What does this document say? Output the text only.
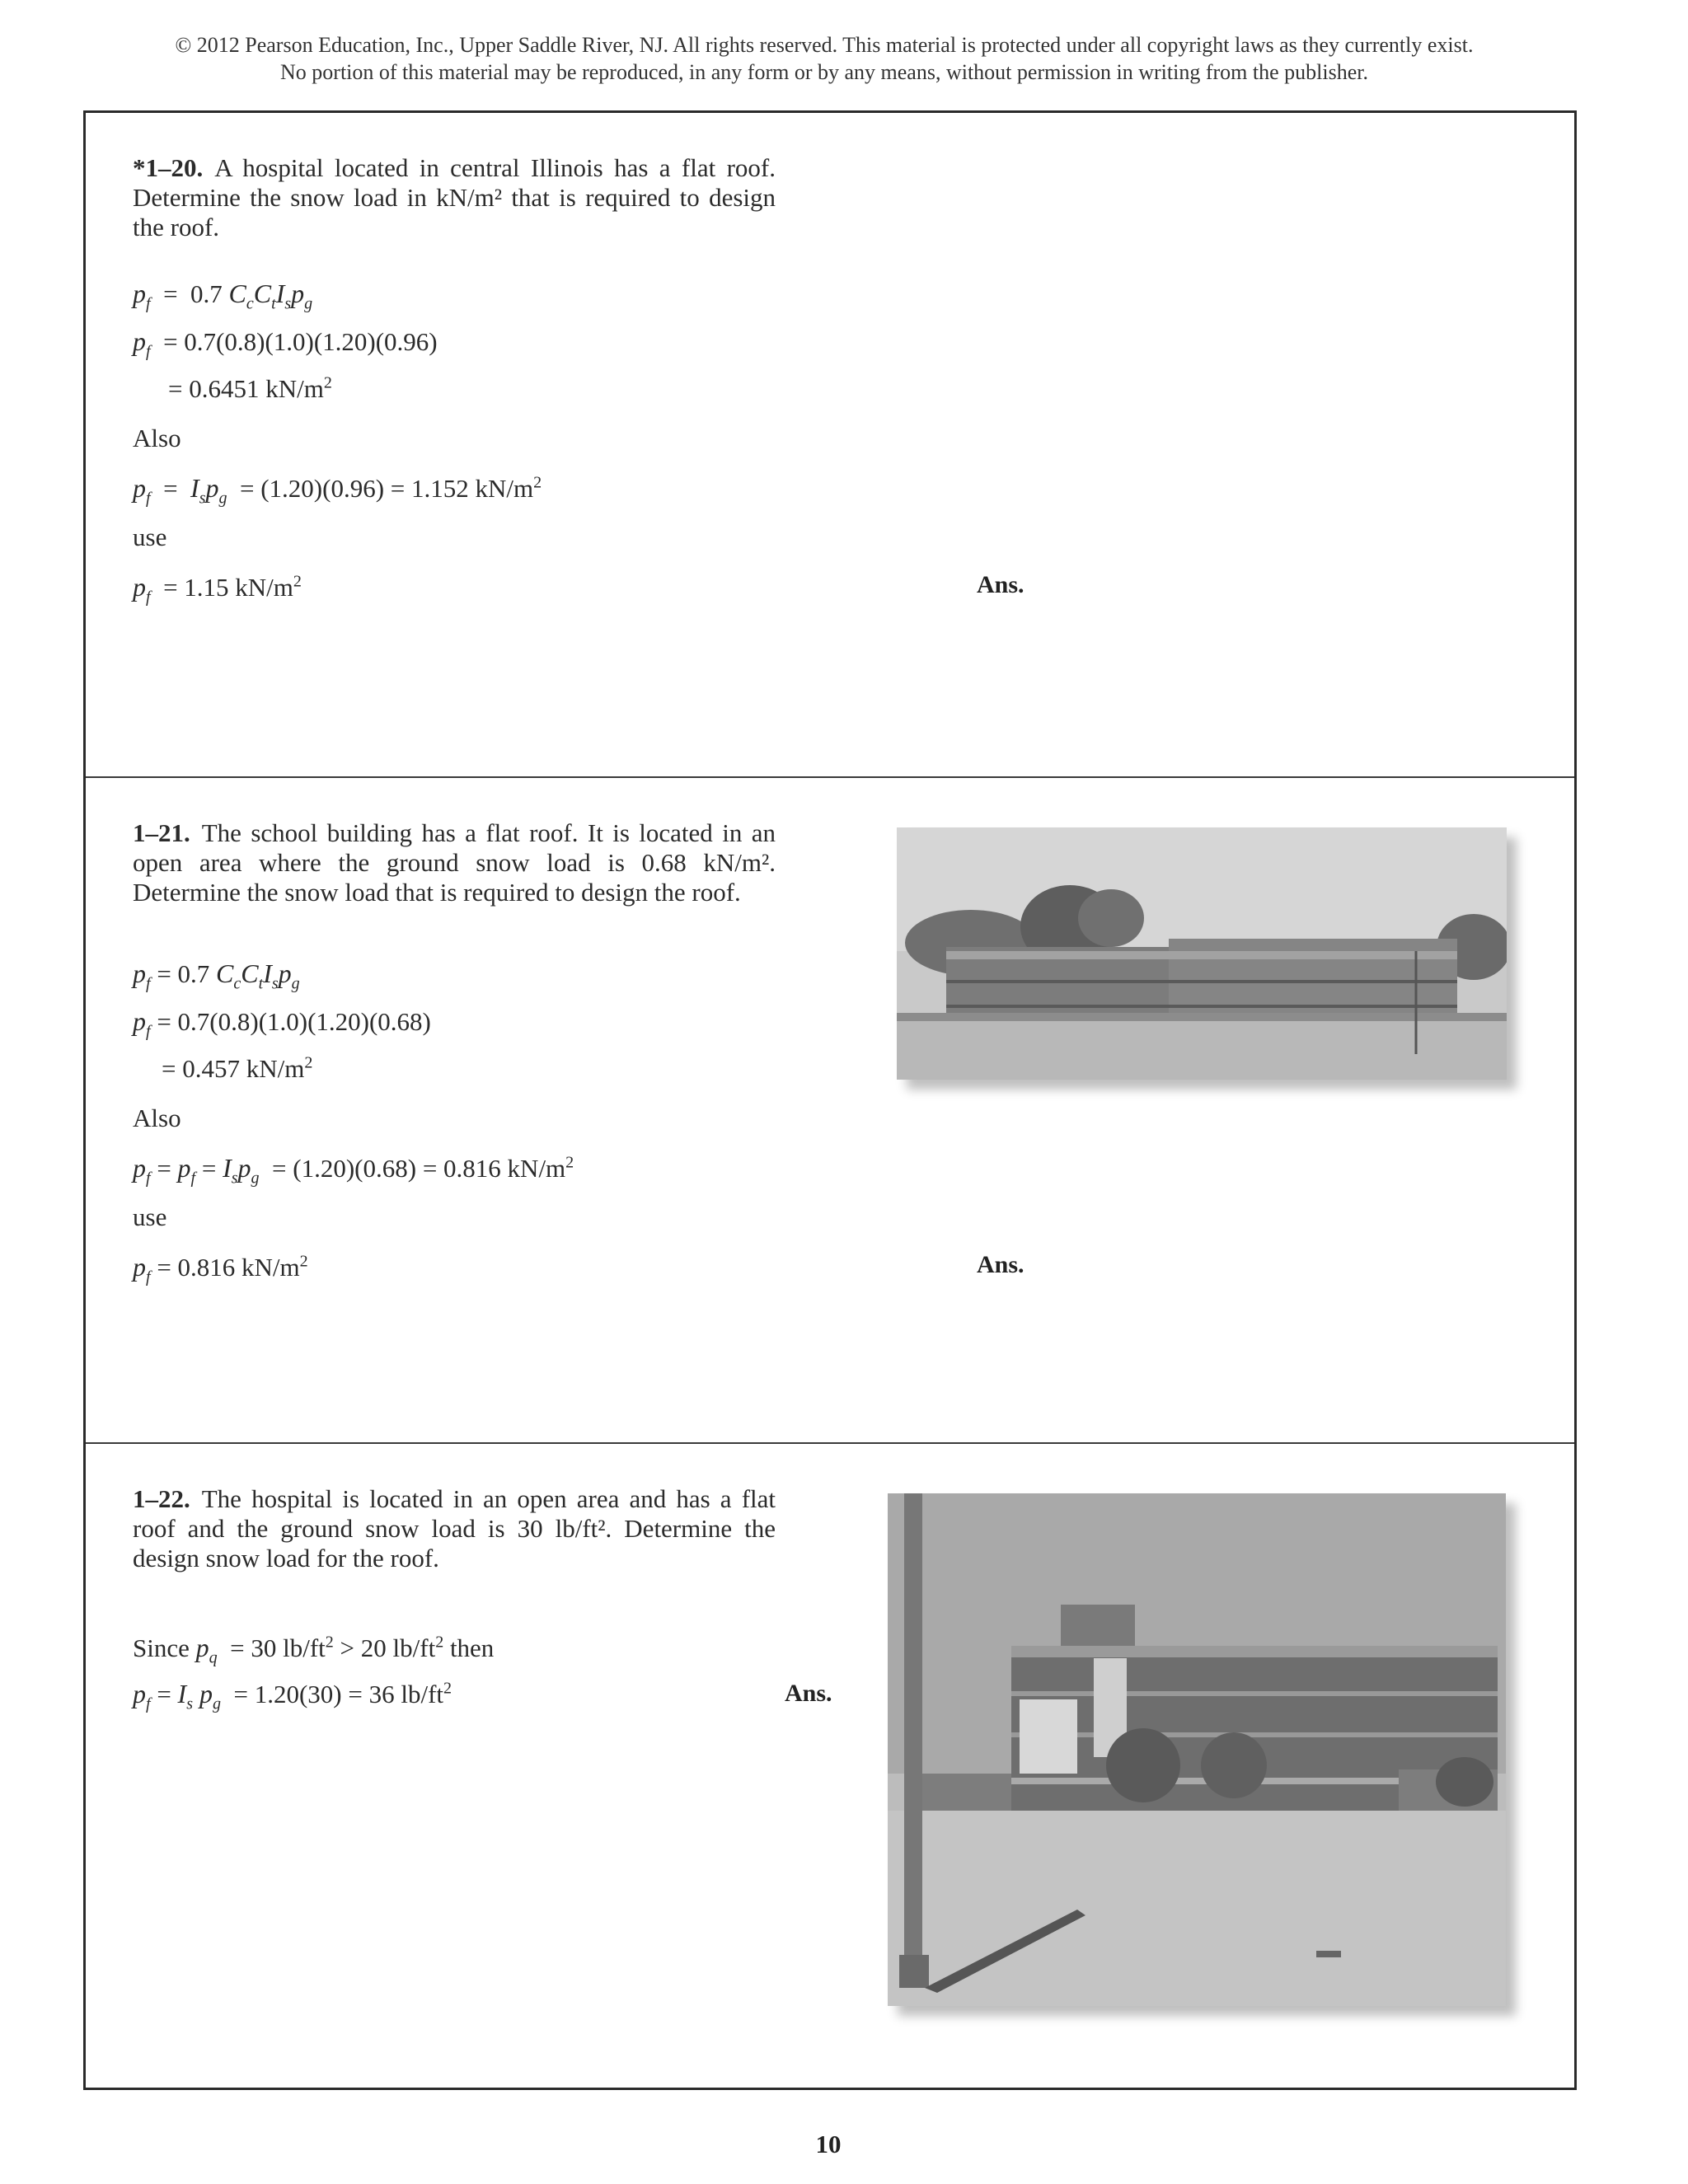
© 2012 Pearson Education, Inc., Upper Saddle River, NJ. All rights reserved. This material is protected under all copyright laws as they currently exist.
No portion of this material may be reproduced, in any form or by any means, without permission in writing from the publisher.
*1–20. A hospital located in central Illinois has a flat roof. Determine the snow load in kN/m² that is required to design the roof.
$p_f = 0.7$ $C_cC_tI_sp_g$
$p_f = 0.7(0.8)(1.0)(1.20)(0.96)$
= 0.6451 $kN/m^2$
Also
$p_f = I_sp_g = (1.20)(0.96) = 1.152$ $kN/m^2$
use
$p_f = 1.15$ $kN/m^2$	Ans.
1–21. The school building has a flat roof. It is located in an open area where the ground snow load is 0.68 kN/m². Determine the snow load that is required to design the roof.
$p_f = 0.7$ $C_cC_tI_sp_g$
$p_f = 0.7(0.8)(1.0)(1.20)(0.68)$
= 0.457 $kN/m^2$
Also
$p_f = p_f = I_sp_g = (1.20)(0.68) = 0.816$ $kN/m^2$
use
$p_f = 0.816$ $kN/m^2$	Ans.
1–22. The hospital is located in an open area and has a flat roof and the ground snow load is 30 lb/ft². Determine the design snow load for the roof.
Since $p_q = 30$ $lb/ft^2 > 20$ $lb/ft^2$ then
$p_f = I_s$ $p_g = 1.20(30) = 36$ $lb/ft^2$	Ans.
10
